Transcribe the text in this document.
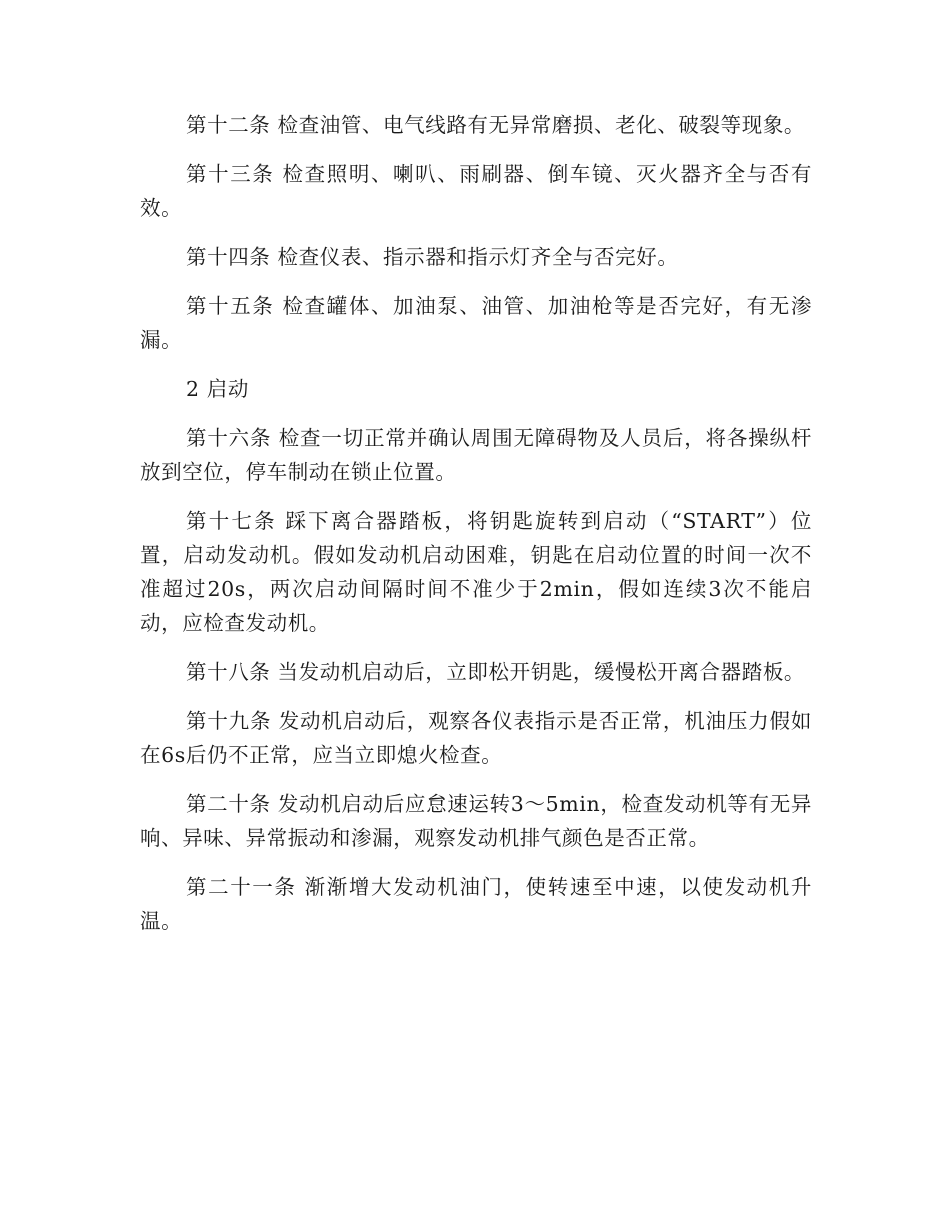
第十二条 检查油管、电气线路有无异常磨损、老化、破裂等现象。

第十三条 检查照明、喇叭、雨刷器、倒车镜、灭火器齐全与否有效。

第十四条 检查仪表、指示器和指示灯齐全与否完好。

第十五条 检查罐体、加油泵、油管、加油枪等是否完好，有无渗漏。

2 启动

第十六条 检查一切正常并确认周围无障碍物及人员后，将各操纵杆放到空位，停车制动在锁止位置。

第十七条 踩下离合器踏板，将钥匙旋转到启动（“START”）位置，启动发动机。假如发动机启动困难，钥匙在启动位置的时间一次不准超过20s，两次启动间隔时间不准少于2min，假如连续3次不能启动，应检查发动机。

第十八条 当发动机启动后，立即松开钥匙，缓慢松开离合器踏板。

第十九条 发动机启动后，观察各仪表指示是否正常，机油压力假如在6s后仍不正常，应当立即熄火检查。

第二十条 发动机启动后应怠速运转3～5min，检查发动机等有无异响、异味、异常振动和渗漏，观察发动机排气颜色是否正常。

第二十一条 渐渐增大发动机油门，使转速至中速，以使发动机升温。
